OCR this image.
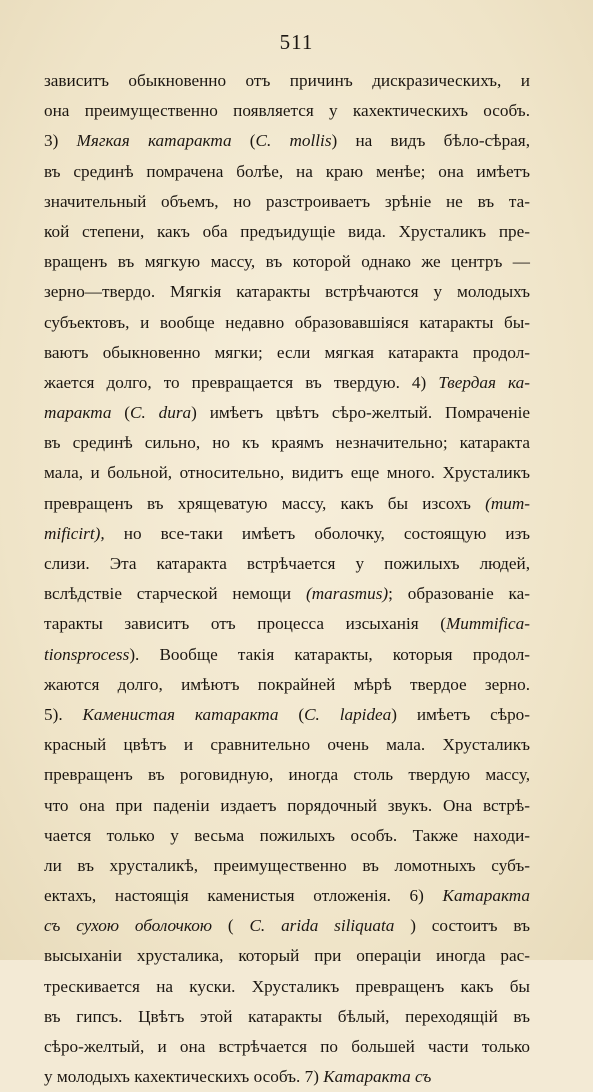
511
зависитъ обыкновенно отъ причинъ дискразическихъ, и
она преимущественно появляется у кахектическихъ особъ.
3) Мягкая катаракта (C. mollis) на видъ бѣло-cѣрая,
въ срединѣ помрачена болѣе, на краю менѣе; она имѣетъ
значительный объемъ, но разстроиваетъ зрѣніе не въ та-
кой степени, какъ оба предъидущіе вида. Хрусталикъ пре-
вращенъ въ мягкую массу, въ которой однако же центръ —
зерно—твердо. Мягкія катаракты встрѣчаются у молодыхъ
субъектовъ, и вообще недавно образовавшіяся катаракты бы-
ваютъ обыкновенно мягки; если мягкая катаракта продол-
жается долго, то превращается въ твердую. 4) Твердая ка-
таракта (C. dura) имѣетъ цвѣтъ сѣро-желтый. Помраченіе
въ срединѣ сильно, но къ краямъ незначительно; катаракта
мала, и больной, относительно, видитъ еще много. Хрусталикъ
превращенъ въ хрящеватую массу, какъ бы изсохъ (mum-
mificirt), но все-таки имѣетъ оболочку, состоящую изъ
слизи. Эта катаракта встрѣчается у пожилыхъ людей,
вслѣдствіе старческой немощи (marasmus); образованіе ка-
таракты зависитъ отъ процесса изсыханія (Mummifica-
tionsprocess). Вообще такія катаракты, которыя продол-
жаются долго, имѣютъ покрайней мѣрѣ твердое зерно.
5). Каменистая катаракта (C. lapidea) имѣетъ сѣро-
красный цвѣтъ и сравнительно очень мала. Хрусталикъ
превращенъ въ роговидную, иногда столь твердую массу,
что она при паденіи издаетъ порядочный звукъ. Она встрѣ-
чается только у весьма пожилыхъ особъ. Также находи-
ли въ хрусталикѣ, преимущественно въ ломотныхъ субъ-
ектахъ, настоящія каменистыя отложенія. 6) Катаракта
съ сухою оболочкою ( C. arida siliquata ) состоитъ въ
высыханіи хрусталика, который при операціи иногда рас-
трескивается на куски. Хрусталикъ превращенъ какъ бы
въ гипсъ. Цвѣтъ этой катаракты бѣлый, переходящій въ
сѣро-желтый, и она встрѣчается по большей части только
у молодыхъ кахектическихъ особъ. 7) Катаракта съ
